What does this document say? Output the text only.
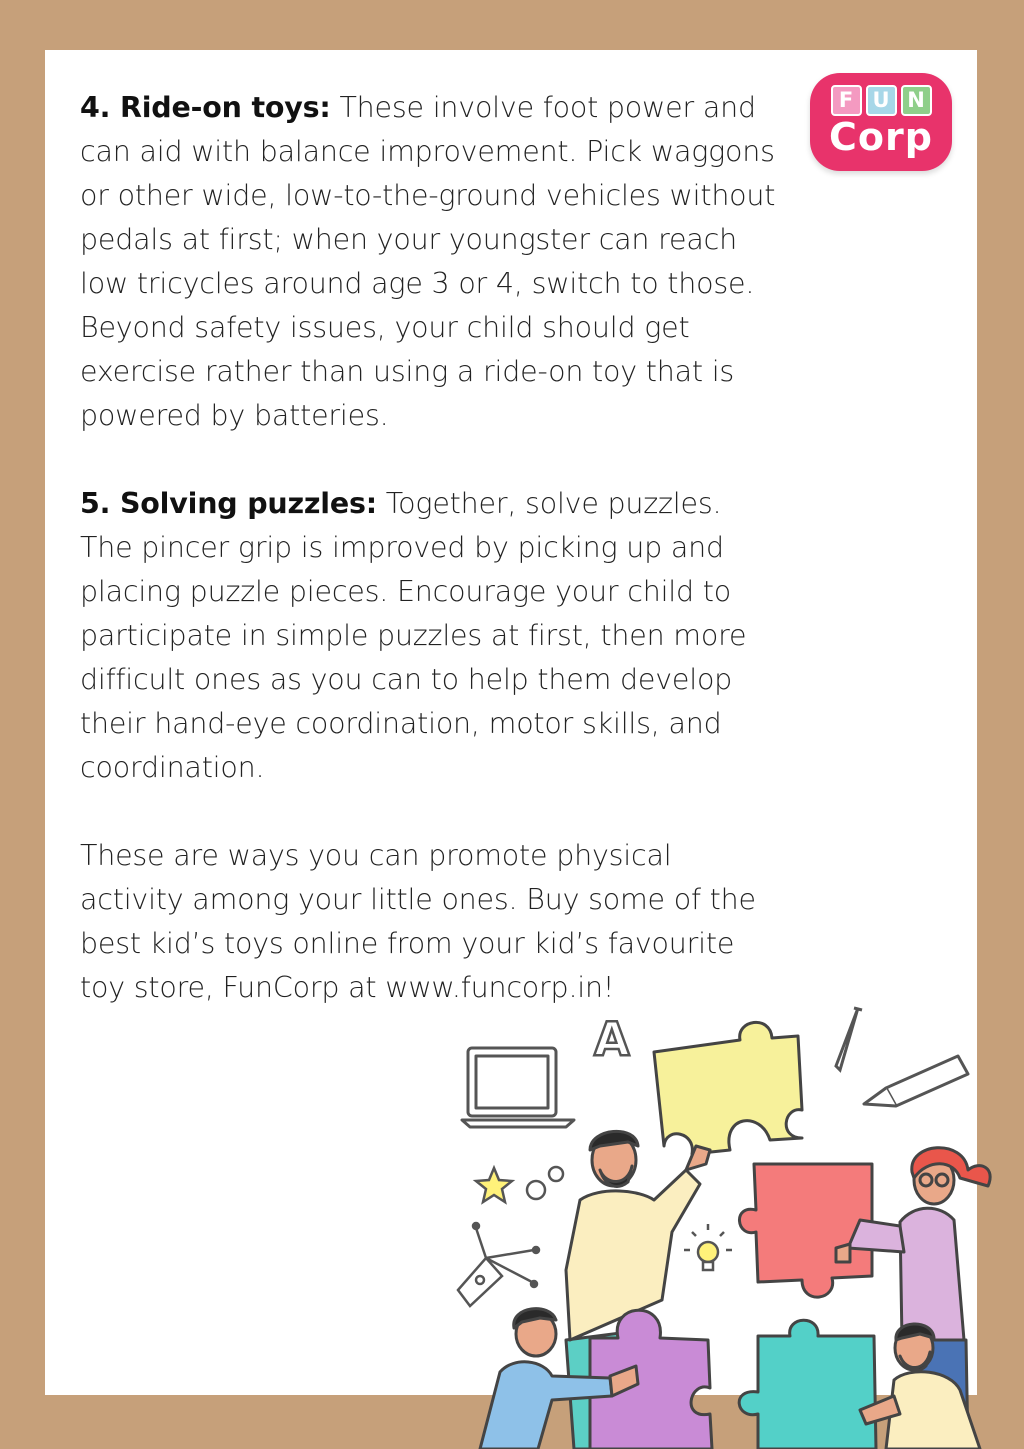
F U N
Corp

4. Ride-on toys: These involve foot power and can aid with balance improvement. Pick waggons or other wide, low-to-the-ground vehicles without pedals at first; when your youngster can reach low tricycles around age 3 or 4, switch to those. Beyond safety issues, your child should get exercise rather than using a ride-on toy that is powered by batteries.

5. Solving puzzles: Together, solve puzzles. The pincer grip is improved by picking up and placing puzzle pieces. Encourage your child to participate in simple puzzles at first, then more difficult ones as you can to help them develop their hand-eye coordination, motor skills, and coordination.

These are ways you can promote physical activity among your little ones. Buy some of the best kid’s toys online from your kid’s favourite toy store, FunCorp at www.funcorp.in!

A
